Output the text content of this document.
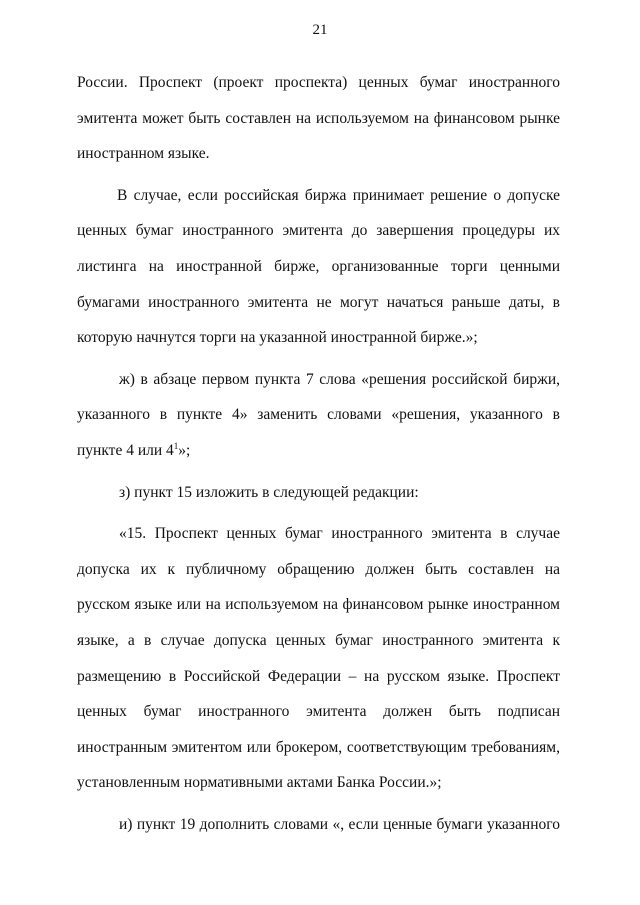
21

России. Проспект (проект проспекта) ценных бумаг иностранного эмитента может быть составлен на используемом на финансовом рынке иностранном языке.

В случае, если российская биржа принимает решение о допуске ценных бумаг иностранного эмитента до завершения процедуры их листинга на иностранной бирже, организованные торги ценными бумагами иностранного эмитента не могут начаться раньше даты, в которую начнутся торги на указанной иностранной бирже.»;

ж) в абзаце первом пункта 7 слова «решения российской биржи, указанного в пункте 4» заменить словами «решения, указанного в пункте 4 или $4^1$»;

з) пункт 15 изложить в следующей редакции:

«15. Проспект ценных бумаг иностранного эмитента в случае допуска их к публичному обращению должен быть составлен на русском языке или на используемом на финансовом рынке иностранном языке, а в случае допуска ценных бумаг иностранного эмитента к размещению в Российской Федерации – на русском языке. Проспект ценных бумаг иностранного эмитента должен быть подписан иностранным эмитентом или брокером, соответствующим требованиям, установленным нормативными актами Банка России.»;

и) пункт 19 дополнить словами «, если ценные бумаги указанного
